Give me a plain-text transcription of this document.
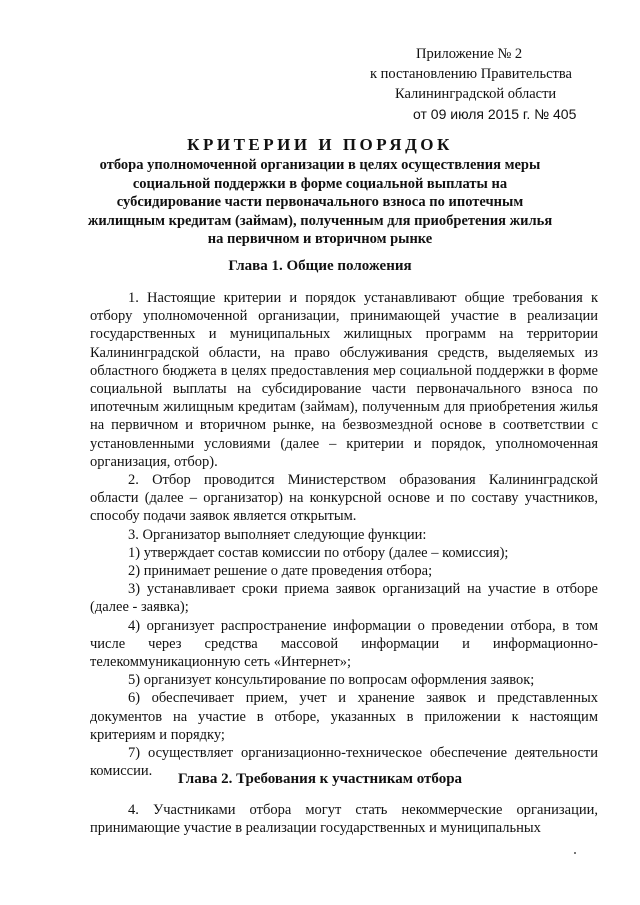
Приложение № 2
к постановлению Правительства
Калининградской области
от 09 июля 2015 г. № 405
КРИТЕРИИ И ПОРЯДОК
отбора уполномоченной организации в целях осуществления меры социальной поддержки в форме социальной выплаты на субсидирование части первоначального взноса по ипотечным жилищным кредитам (займам), полученным для приобретения жилья на первичном и вторичном рынке
Глава 1. Общие положения

1. Настоящие критерии и порядок устанавливают общие требования к отбору уполномоченной организации, принимающей участие в реализации государственных и муниципальных жилищных программ на территории Калининградской области, на право обслуживания средств, выделяемых из областного бюджета в целях предоставления мер социальной поддержки в форме социальной выплаты на субсидирование части первоначального взноса по ипотечным жилищным кредитам (займам), полученным для приобретения жилья на первичном и вторичном рынке, на безвозмездной основе в соответствии с установленными условиями (далее – критерии и порядок, уполномоченная организация, отбор).

2. Отбор проводится Министерством образования Калининградской области (далее – организатор) на конкурсной основе и по составу участников, способу подачи заявок является открытым.

3. Организатор выполняет следующие функции:

1) утверждает состав комиссии по отбору (далее – комиссия);

2) принимает решение о дате проведения отбора;

3) устанавливает сроки приема заявок организаций на участие в отборе (далее - заявка);

4) организует распространение информации о проведении отбора, в том числе через средства массовой информации и информационно-телекоммуникационную сеть «Интернет»;

5) организует консультирование по вопросам оформления заявок;

6) обеспечивает прием, учет и хранение заявок и представленных документов на участие в отборе, указанных в приложении к настоящим критериям и порядку;

7) осуществляет организационно-техническое обеспечение деятельности комиссии.	Глава 2. Требования к участникам отбора

4. Участниками отбора могут стать некоммерческие организации, принимающие участие в реализации государственных и муниципальных
